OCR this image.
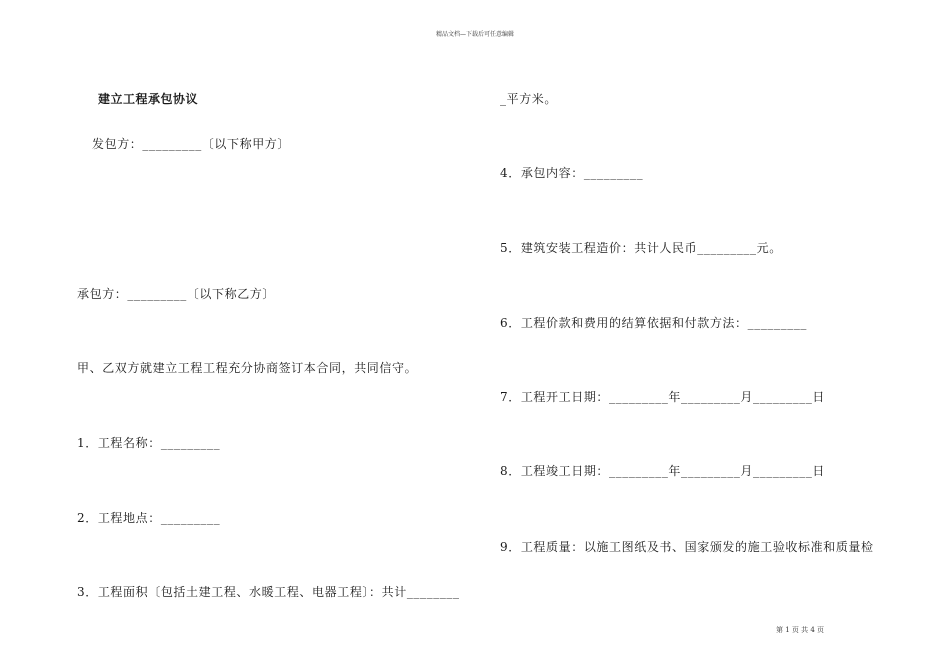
精品文档—下载后可任意编辑
建立工程承包协议
发包方：_________〔以下称甲方〕
承包方：_________〔以下称乙方〕
甲、乙双方就建立工程工程充分协商签订本合同，共同信守。
1．工程名称：_________
2．工程地点：_________
3．工程面积〔包括土建工程、水暖工程、电器工程〕：共计________
_平方米。
4．承包内容：_________
5．建筑安装工程造价：共计人民币_________元。
6．工程价款和费用的结算依据和付款方法：_________
7．工程开工日期：_________年_________月_________日
8．工程竣工日期：_________年_________月_________日
9．工程质量：以施工图纸及书、国家颁发的施工验收标准和质量检
第 1 页 共 4 页
